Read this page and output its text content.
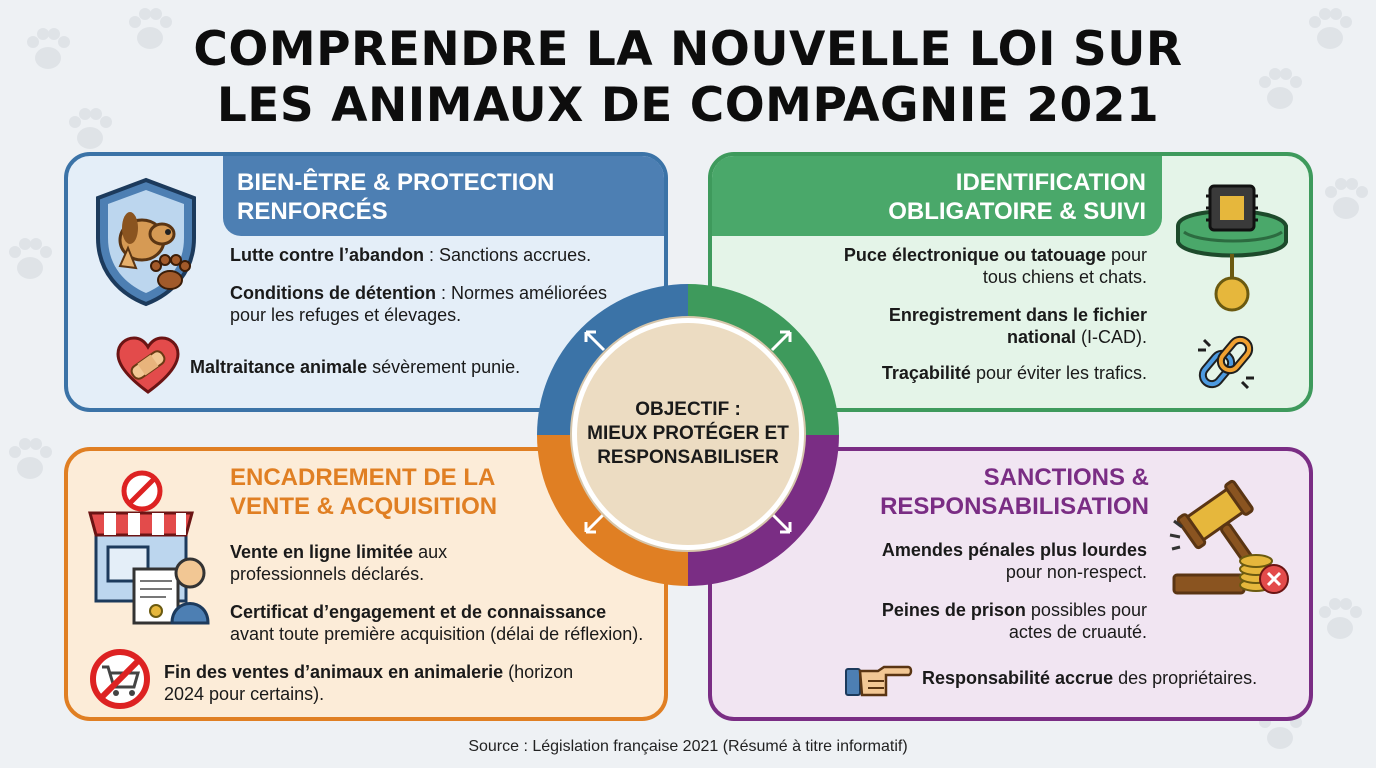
COMPRENDRE LA NOUVELLE LOI SUR
LES ANIMAUX DE COMPAGNIE 2021
BIEN-ÊTRE & PROTECTION
RENFORCÉS
Lutte contre l’abandon : Sanctions accrues.
Conditions de détention : Normes améliorées
pour les refuges et élevages.
Maltraitance animale sévèrement punie.
IDENTIFICATION
OBLIGATOIRE & SUIVI
Puce électronique ou tatouage pour
tous chiens et chats.
Enregistrement dans le fichier
national (I-CAD).
Traçabilité pour éviter les trafics.
ENCADREMENT DE LA
VENTE & ACQUISITION
Vente en ligne limitée aux
professionnels déclarés.
Certificat d’engagement et de connaissance
avant toute première acquisition (délai de réflexion).
Fin des ventes d’animaux en animalerie (horizon
2024 pour certains).
SANCTIONS &
RESPONSABILISATION
Amendes pénales plus lourdes
pour non-respect.
Peines de prison possibles pour
actes de cruauté.
Responsabilité accrue des propriétaires.
OBJECTIF :
MIEUX PROTÉGER ET
RESPONSABILISER
Source : Législation française 2021 (Résumé à titre informatif)
